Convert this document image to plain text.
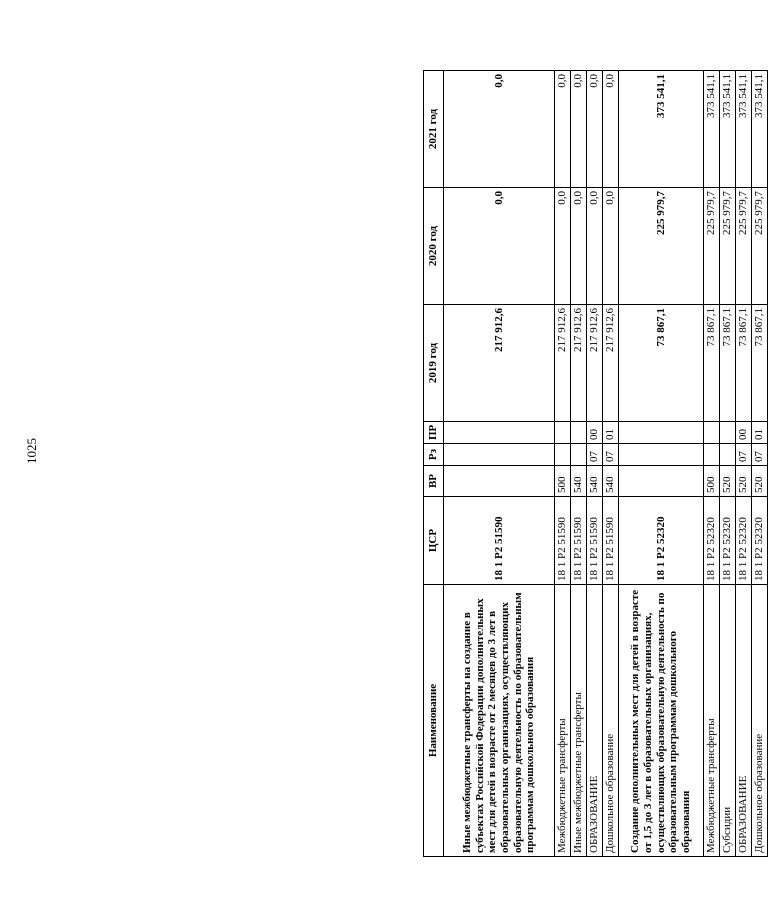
1025
Наименование	ЦСР	ВР	Рз	ПР	2019 год	2020 год	2021 год
Иные межбюджетные трансферты на создание в субъектах Российской Федерации дополнительных мест для детей в возрасте от 2 месяцев до 3 лет в образовательных организациях, осуществляющих образовательную деятельность по образовательным программам дошкольного образования	18 1 P2 51590				217 912,6	0,0	0,0
Межбюджетные трансферты	18 1 P2 51590	500			217 912,6	0,0	0,0
Иные межбюджетные трансферты	18 1 P2 51590	540			217 912,6	0,0	0,0
ОБРАЗОВАНИЕ	18 1 P2 51590	540	07	00	217 912,6	0,0	0,0
Дошкольное образование	18 1 P2 51590	540	07	01	217 912,6	0,0	0,0
Создание дополнительных мест для детей в возрасте от 1,5 до 3 лет в образовательных организациях, осуществляющих образовательную деятельность по образовательным программам дошкольного образования	18 1 P2 52320				73 867,1	225 979,7	373 541,1
Межбюджетные трансферты	18 1 P2 52320	500			73 867,1	225 979,7	373 541,1
Субсидии	18 1 P2 52320	520			73 867,1	225 979,7	373 541,1
ОБРАЗОВАНИЕ	18 1 P2 52320	520	07	00	73 867,1	225 979,7	373 541,1
Дошкольное образование	18 1 P2 52320	520	07	01	73 867,1	225 979,7	373 541,1
